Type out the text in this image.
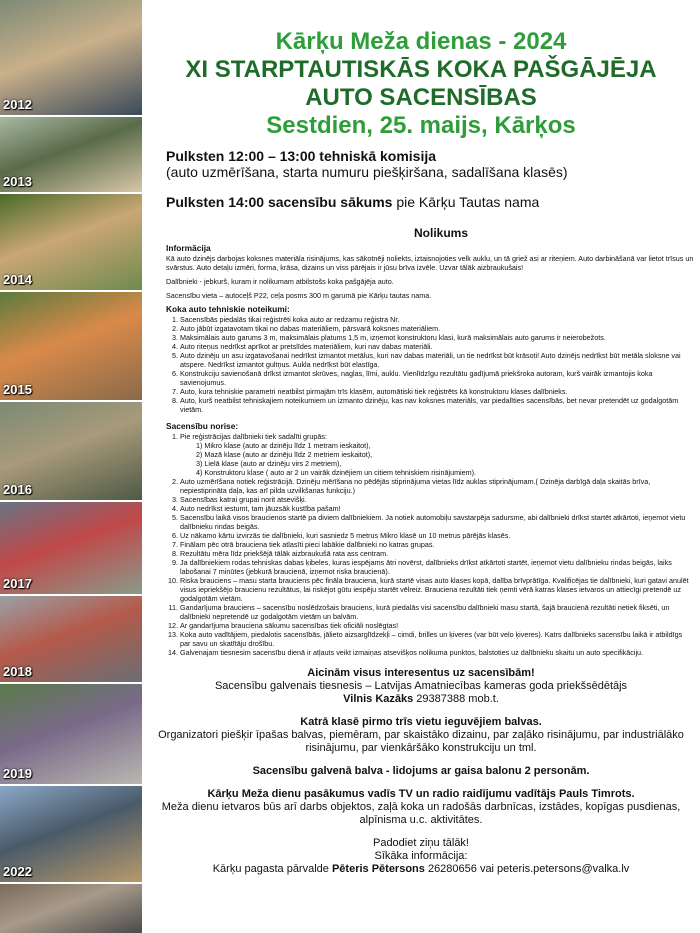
2012
2013
2014
2015
2016
2017
2018
2019
2022
Kārķu Meža dienas - 2024
XI STARPTAUTISKĀS KOKA PAŠGĀJĒJA
AUTO SACENSĪBAS
Sestdien, 25. maijs, Kārķos
Pulksten 12:00 – 13:00 tehniskā komisija
(auto uzmērīšana, starta numuru piešķiršana, sadalīšana klasēs)
Pulksten 14:00 sacensību sākums pie Kārķu Tautas nama
Nolikums
Informācija

Kā auto dzinējs darbojas koksnes materiāla risinājums, kas sākotnēji noliekts, iztaisnojoties velk auklu, un tā griež asi ar riteņiem. Auto darbināšanā var lietot trīsus un svārstus. Auto detaļu izmēri, forma, krāsa, dizains un viss pārējais ir jūsu brīva izvēle. Uzvar tālāk aizbraukušais!

Dalībnieki - jebkurš, kuram ir nolikumam atbilstošs koka pašgājēja auto.

Sacensību vieta – autoceļš P22, ceļa posms 300 m garumā pie Kārķu tautas nama.

Koka auto tehniskie noteikumi:
1. Sacensībās piedalās tikai reģistrēti koka auto ar redzamu reģistra Nr.
2. Auto jābūt izgatavotam tikai no dabas materiāliem, pārsvarā koksnes materiāliem.
3. Maksimālais auto garums 3 m, maksimālais platums 1,5 m, izņemot konstruktoru klasi, kurā maksimālais auto garums ir neierobežots.
4. Auto riteņus nedrīkst aprīkot ar pretslīdes materiāliem, kuri nav dabas materiāli.
5. Auto dzinēju un asu izgatavošanai nedrīkst izmantot metālus, kuri nav dabas materiāli, un tie nedrīkst būt krāsoti! Auto dzinējs nedrīkst būt metāla sloksne vai atspere. Nedrīkst izmantot gultņus. Aukla nedrīkst būt elastīga.
6. Konstrukciju savienošanā drīkst izmantot skrūves, naglas, līmi, auklu. Vienlīdzīgu rezultātu gadījumā priekšroka autoram, kurš vairāk izmantojis koka savienojumus.
7. Auto, kura tehniskie parametri neatbilst pirmajām trīs klasēm, automātiski tiek reģistrēts kā konstruktoru klases dalībnieks.
8. Auto, kurš neatbilst tehniskajiem noteikumiem un izmanto dzinēju, kas nav koksnes materiāls, var piedalīties sacensībās, bet nevar pretendēt uz godalgotām vietām.
Sacensību norise:
1. Pie reģistrācijas dalībnieki tiek sadalīti grupās:
1) Mikro klase (auto ar dzinēju līdz 1 metram ieskaitot),
2) Mazā klase (auto ar dzinēju līdz 2 metriem ieskaitot),
3) Lielā klase (auto ar dzinēju virs 2 metriem),
4) Konstruktoru klase ( auto ar 2 un vairāk dzinējiem un citiem tehniskiem risinājumiem).
2. Auto uzmērīšana notiek reģistrācijā. Dzinēju mērīšana no pēdējās stiprinājuma vietas līdz auklas stiprinājumam.( Dzinēja darbīgā daļa skaitās brīva, nepiestiprināta daļa, kas arī pilda uzvilkšanas funkciju.)
3. Sacensības katrai grupai norit atsevišķi.
4. Auto nedrīkst iestumt, tam jāuzsāk kustība pašam!
5. Sacensību laikā visos braucienos startē pa diviem dalībniekiem. Ja notiek automobiļu savstarpēja sadursme, abi dalībnieki drīkst startēt atkārtoti, ieņemot vietu dalībnieku rindas beigās.
6. Uz nākamo kārtu izvirzās tie dalībnieki, kuri sasniedz 5 metrus Mikro klasē un 10 metrus pārējās klasēs.
7. Finālam pēc otrā brauciena tiek atlasīti pieci labākie dalībnieki no katras grupas.
8. Rezultātu mēra līdz priekšējā tālāk aizbraukušā rata ass centram.
9. Ja dalībniekiem rodas tehniskas dabas ķibeles, kuras iespējams ātri novērst, dalībnieks drīkst atkārtoti startēt, ieņemot vietu dalībnieku rindas beigās, laiks labošanai 7 minūtes (jebkurā braucienā, izņemot riska braucienā).
10. Riska brauciens – masu starta brauciens pēc fināla brauciena, kurā startē visas auto klases kopā, dalība brīvprātīga. Kvalificējas tie dalībnieki, kuri gatavi anulēt visus iepriekšējo braucienu rezultātus, lai riskējot gūtu iespēju startēt vēlreiz. Brauciena rezultāti tiek ņemti vērā katras klases ietvaros un attiecīgi pretendē uz godalgotām vietām.
11. Gandarījuma brauciens – sacensību noslēdzošais brauciens, kurā piedalās visi sacensību dalībnieki masu startā, šajā braucienā rezultāti netiek fiksēti, un dalībnieki nepretendē uz godalgotām vietām un balvām.
12. Ar gandarījuma brauciena sākumu sacensības tiek oficiāli noslēgtas!
13. Koka auto vadītājiem, piedalotis sacensībās, jālieto aizsarglīdzekļi – cimdi, brilles un ķiveres (var būt velo ķiveres). Katrs dalībnieks sacensību laikā ir atbildīgs par savu un skatītāju drošību.
14. Galvenajam tiesnesim sacensību dienā ir atļauts veikt izmaiņas atsevišķos nolikuma punktos, balstoties uz dalībnieku skaitu un auto specifikāciju.
Aicinām visus interesentus uz sacensībām!
Sacensību galvenais tiesnesis – Latvijas Amatniecības kameras goda priekšsēdētājs
Vilnis Kazāks 29387388 mob.t.
Katrā klasē pirmo trīs vietu ieguvējiem balvas.
Organizatori piešķir īpašas balvas, piemēram, par skaistāko dizainu, par zaļāko risinājumu, par industriālāko risinājumu, par vienkāršāko konstrukciju un tml.
Sacensību galvenā balva - lidojums ar gaisa balonu 2 personām.
Kārķu Meža dienu pasākumus vadīs TV un radio raidījumu vadītājs Pauls Timrots.
Meža dienu ietvaros būs arī darbs objektos, zaļā koka un radošās darbnīcas, izstādes, kopīgas pusdienas, alpīnisma u.c. aktivitātes.
Padodiet ziņu tālāk!
Sīkāka informācija:
Kārķu pagasta pārvalde Pēteris Pētersons 26280656 vai peteris.petersons@valka.lv
